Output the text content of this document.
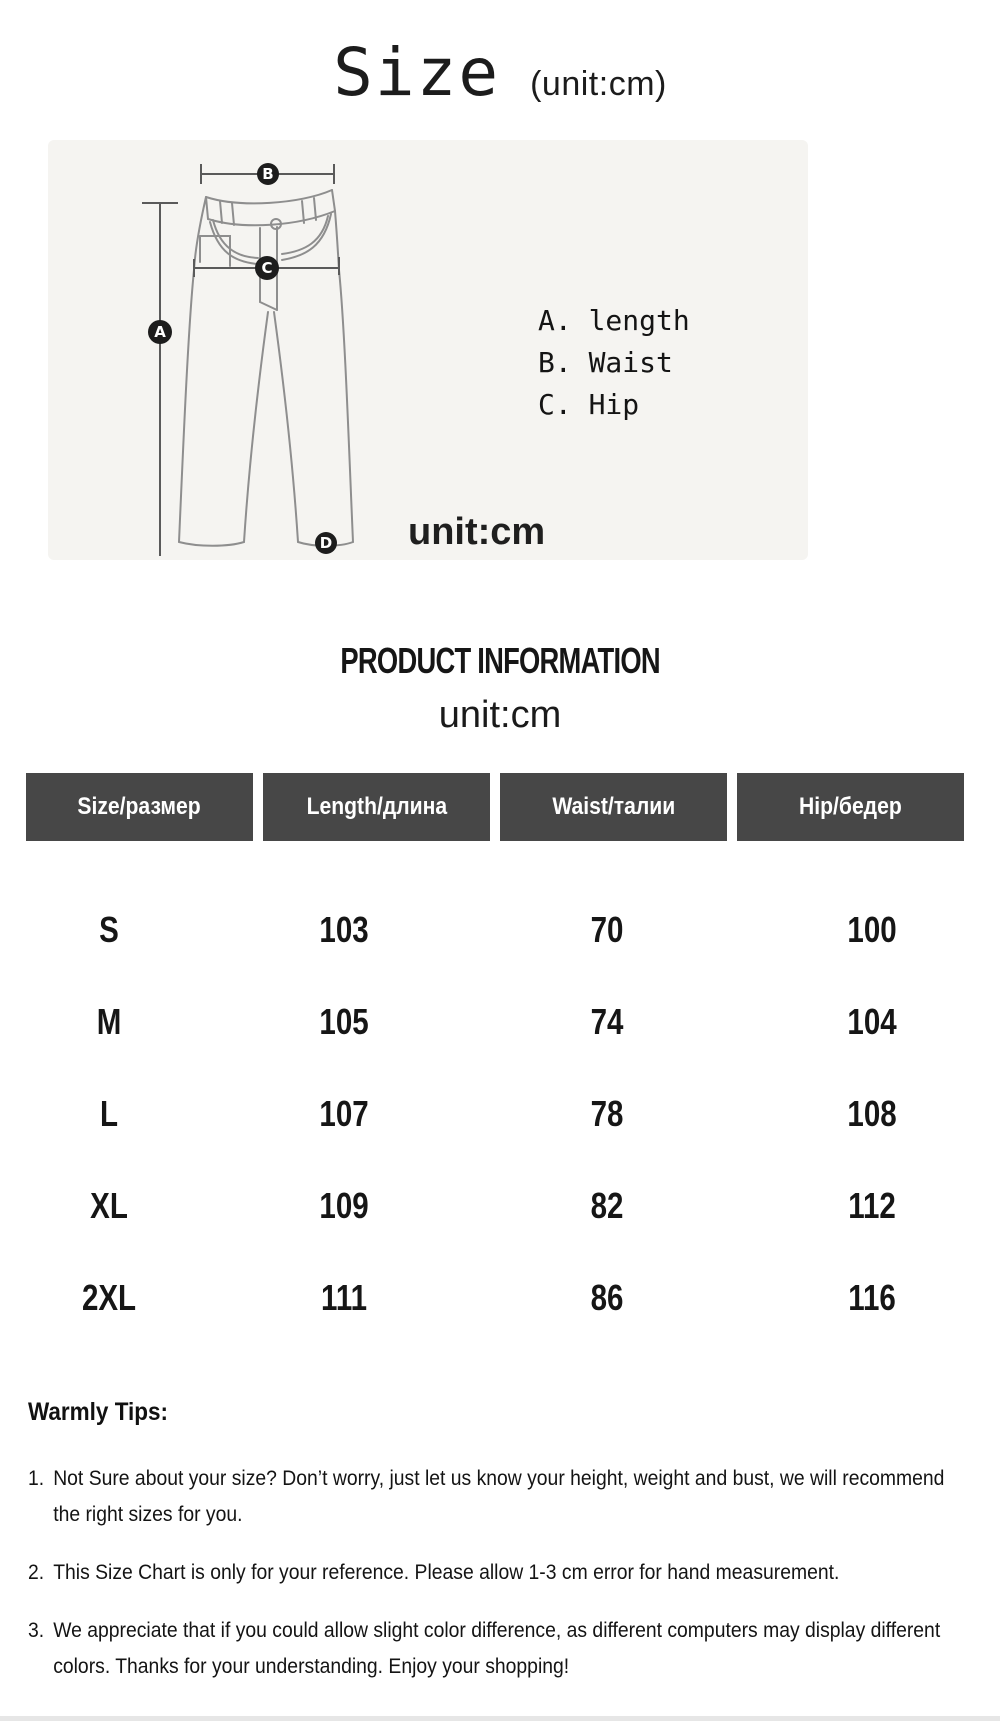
Size (unit:cm)
A
B
C
D
A. length
B. Waist
C. Hip
unit:cm
PRODUCT INFORMATION
unit:cm
Size/размер	Length/длина	Waist/талии	Hip/бедер
S	103	70	100
M	105	74	104
L	107	78	108
XL	109	82	112
2XL	111	86	116
Warmly Tips:
1. Not Sure about your size? Don’t worry, just let us know your height, weight and bust, we will recommend
the right sizes for you.
2. This Size Chart is only for your reference. Please allow 1-3 cm error for hand measurement.
3. We appreciate that if you could allow slight color difference, as different computers may display different
colors. Thanks for your understanding. Enjoy your shopping!
